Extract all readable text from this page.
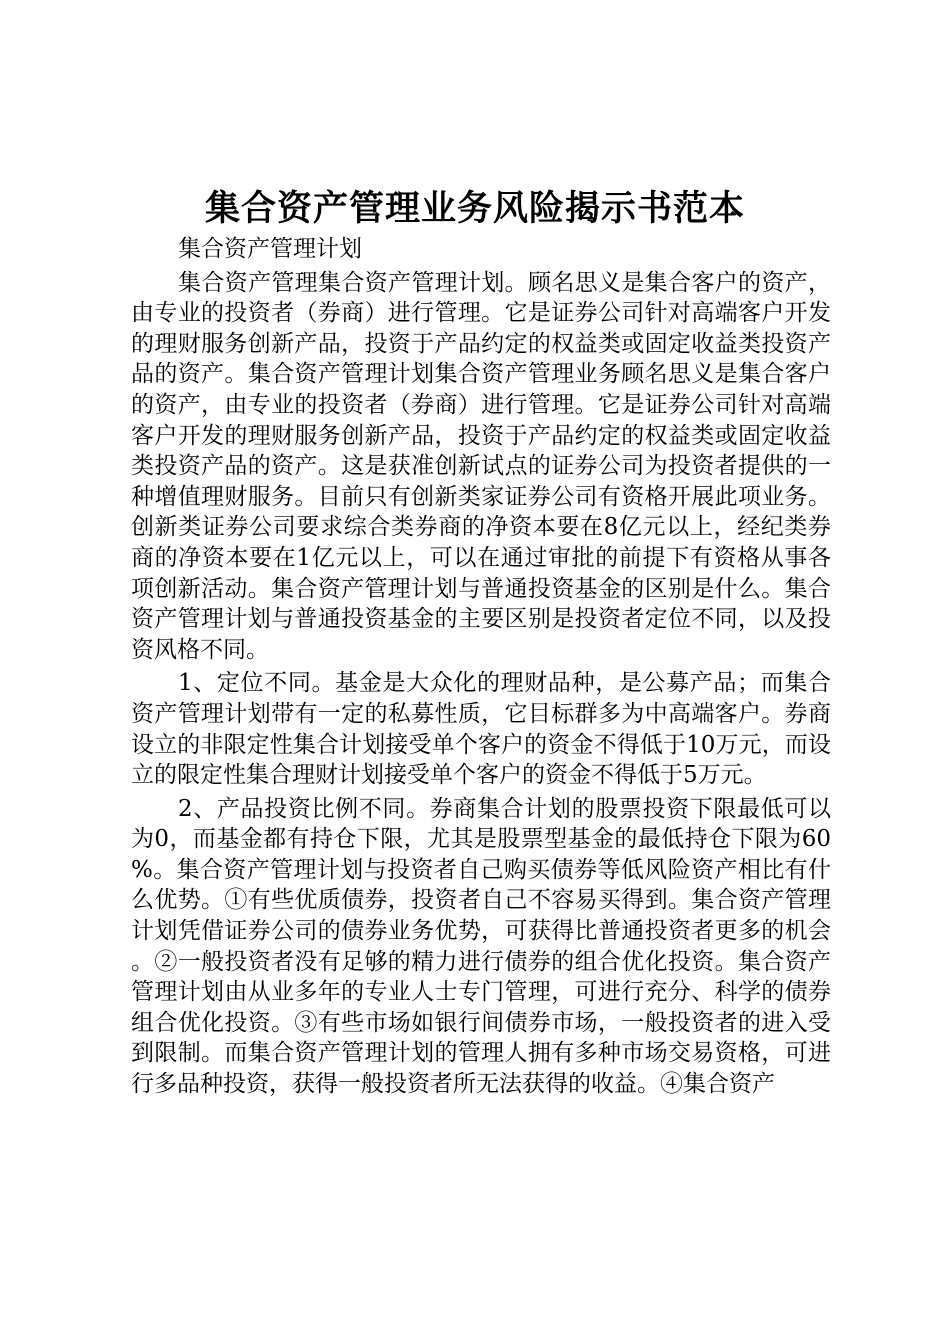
集合资产管理业务风险揭示书范本

集合资产管理计划

集合资产管理集合资产管理计划。顾名思义是集合客户的资产，由专业的投资者（券商）进行管理。它是证券公司针对高端客户开发的理财服务创新产品，投资于产品约定的权益类或固定收益类投资产品的资产。集合资产管理计划集合资产管理业务顾名思义是集合客户的资产，由专业的投资者（券商）进行管理。它是证券公司针对高端客户开发的理财服务创新产品，投资于产品约定的权益类或固定收益类投资产品的资产。这是获准创新试点的证券公司为投资者提供的一种增值理财服务。目前只有创新类家证券公司有资格开展此项业务。创新类证券公司要求综合类券商的净资本要在8亿元以上，经纪类券商的净资本要在1亿元以上，可以在通过审批的前提下有资格从事各项创新活动。集合资产管理计划与普通投资基金的区别是什么。集合资产管理计划与普通投资基金的主要区别是投资者定位不同，以及投资风格不同。

1、定位不同。基金是大众化的理财品种，是公募产品；而集合资产管理计划带有一定的私募性质，它目标群多为中高端客户。券商设立的非限定性集合计划接受单个客户的资金不得低于10万元，而设立的限定性集合理财计划接受单个客户的资金不得低于5万元。

2、产品投资比例不同。券商集合计划的股票投资下限最低可以为0，而基金都有持仓下限，尤其是股票型基金的最低持仓下限为60%。集合资产管理计划与投资者自己购买债券等低风险资产相比有什么优势。①有些优质债券，投资者自己不容易买得到。集合资产管理计划凭借证券公司的债券业务优势，可获得比普通投资者更多的机会。②一般投资者没有足够的精力进行债券的组合优化投资。集合资产管理计划由从业多年的专业人士专门管理，可进行充分、科学的债券组合优化投资。③有些市场如银行间债券市场，一般投资者的进入受到限制。而集合资产管理计划的管理人拥有多种市场交易资格，可进行多品种投资，获得一般投资者所无法获得的收益。④集合资产
